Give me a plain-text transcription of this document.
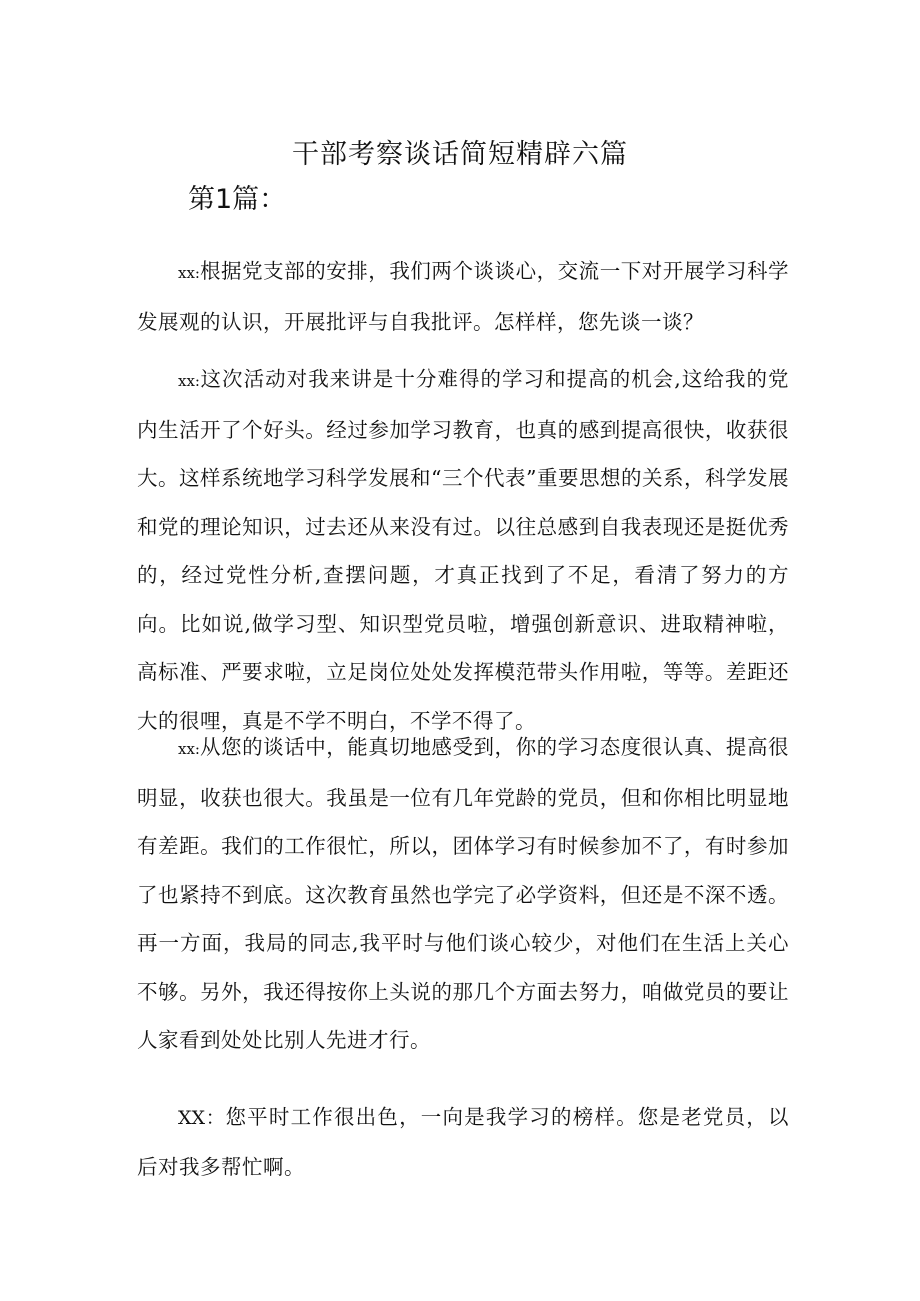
干部考察谈话简短精辟六篇
第1篇：

xx:根据党支部的安排，我们两个谈谈心，交流一下对开展学习科学发展观的认识，开展批评与自我批评。怎样样，您先谈一谈？

xx:这次活动对我来讲是十分难得的学习和提高的机会,这给我的党内生活开了个好头。经过参加学习教育，也真的感到提高很快，收获很大。这样系统地学习科学发展和“三个代表”重要思想的关系，科学发展和党的理论知识，过去还从来没有过。以往总感到自我表现还是挺优秀的，经过党性分析,查摆问题，才真正找到了不足，看清了努力的方向。比如说,做学习型、知识型党员啦，增强创新意识、进取精神啦，高标准、严要求啦，立足岗位处处发挥模范带头作用啦，等等。差距还大的很哩，真是不学不明白，不学不得了。

xx:从您的谈话中，能真切地感受到，你的学习态度很认真、提高很明显，收获也很大。我虽是一位有几年党龄的党员，但和你相比明显地有差距。我们的工作很忙，所以，团体学习有时候参加不了，有时参加了也紧持不到底。这次教育虽然也学完了必学资料，但还是不深不透。再一方面，我局的同志,我平时与他们谈心较少，对他们在生活上关心不够。另外，我还得按你上头说的那几个方面去努力，咱做党员的要让人家看到处处比别人先进才行。

XX：您平时工作很出色，一向是我学习的榜样。您是老党员，以后对我多帮忙啊。
